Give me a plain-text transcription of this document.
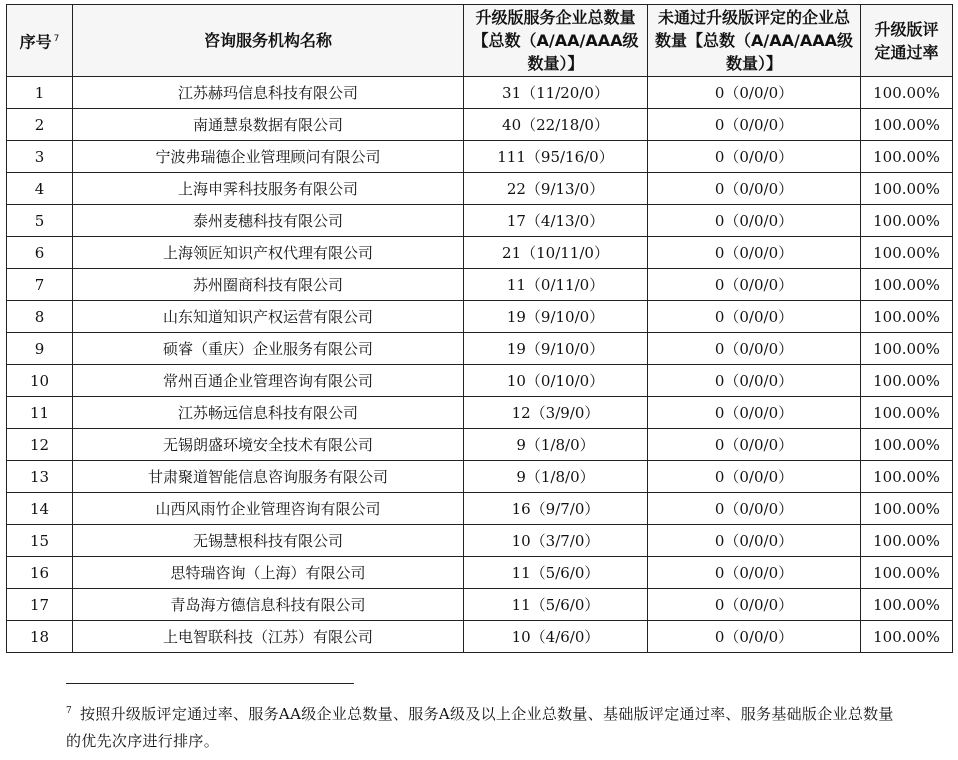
序号 $^7$	咨询服务机构名称	升级版服务企业总数量【总数（A/AA/AAA级数量）】	未通过升级版评定的企业总数量【总数（A/AA/AAA级数量）】	升级版评定通过率
1	江苏赫玛信息科技有限公司	31（11/20/0）	0（0/0/0）	100.00%
2	南通慧泉数据有限公司	40（22/18/0）	0（0/0/0）	100.00%
3	宁波弗瑞德企业管理顾问有限公司	111（95/16/0）	0（0/0/0）	100.00%
4	上海申霁科技服务有限公司	22（9/13/0）	0（0/0/0）	100.00%
5	泰州麦穗科技有限公司	17（4/13/0）	0（0/0/0）	100.00%
6	上海领匠知识产权代理有限公司	21（10/11/0）	0（0/0/0）	100.00%
7	苏州圈商科技有限公司	11（0/11/0）	0（0/0/0）	100.00%
8	山东知道知识产权运营有限公司	19（9/10/0）	0（0/0/0）	100.00%
9	硕睿（重庆）企业服务有限公司	19（9/10/0）	0（0/0/0）	100.00%
10	常州百通企业管理咨询有限公司	10（0/10/0）	0（0/0/0）	100.00%
11	江苏畅远信息科技有限公司	12（3/9/0）	0（0/0/0）	100.00%
12	无锡朗盛环境安全技术有限公司	9（1/8/0）	0（0/0/0）	100.00%
13	甘肃聚道智能信息咨询服务有限公司	9（1/8/0）	0（0/0/0）	100.00%
14	山西风雨竹企业管理咨询有限公司	16（9/7/0）	0（0/0/0）	100.00%
15	无锡慧根科技有限公司	10（3/7/0）	0（0/0/0）	100.00%
16	思特瑞咨询（上海）有限公司	11（5/6/0）	0（0/0/0）	100.00%
17	青岛海方德信息科技有限公司	11（5/6/0）	0（0/0/0）	100.00%
18	上电智联科技（江苏）有限公司	10（4/6/0）	0（0/0/0）	100.00%
$^7$ 按照升级版评定通过率、服务AA级企业总数量、服务A级及以上企业总数量、基础版评定通过率、服务基础版企业总数量的优先次序进行排序。
